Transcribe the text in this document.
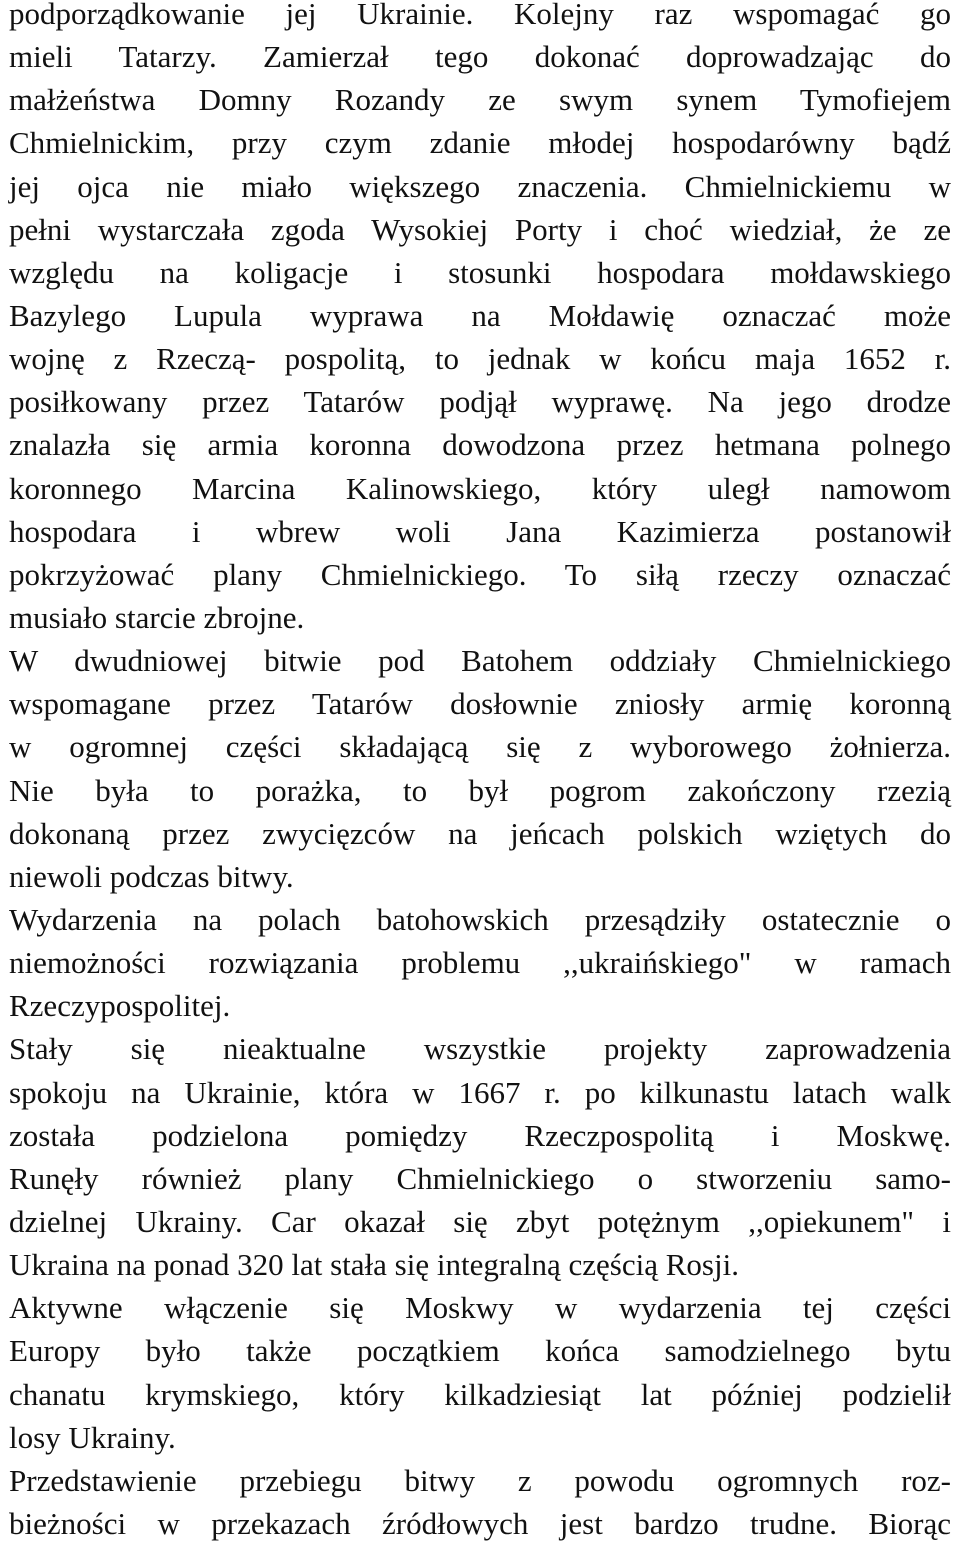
podporządkowanie jej Ukrainie. Kolejny raz wspomagać go
mieli Tatarzy. Zamierzał tego dokonać doprowadzając do
małżeństwa Domny Rozandy ze swym synem Tymofiejem
Chmielnickim, przy czym zdanie młodej hospodarówny bądź
jej ojca nie miało większego znaczenia. Chmielnickiemu w
pełni wystarczała zgoda Wysokiej Porty i choć wiedział, że ze
względu na koligacje i stosunki hospodara mołdawskiego
Bazylego Lupula wyprawa na Mołdawię oznaczać może
wojnę z Rzeczą- pospolitą, to jednak w końcu maja 1652 r.
posiłkowany przez Tatarów podjął wyprawę. Na jego drodze
znalazła się armia koronna dowodzona przez hetmana polnego
koronnego Marcina Kalinowskiego, który uległ namowom
hospodara i wbrew woli Jana Kazimierza postanowił
pokrzyżować plany Chmielnickiego. To siłą rzeczy oznaczać
musiało starcie zbrojne.
W dwudniowej bitwie pod Batohem oddziały Chmielnickiego
wspomagane przez Tatarów dosłownie zniosły armię koronną
w ogromnej części składającą się z wyborowego żołnierza.
Nie była to porażka, to był pogrom zakończony rzezią
dokonaną przez zwycięzców na jeńcach polskich wziętych do
niewoli podczas bitwy.
Wydarzenia na polach batohowskich przesądziły ostatecznie o
niemożności rozwiązania problemu ,,ukraińskiego" w ramach
Rzeczypospolitej.
Stały się nieaktualne wszystkie projekty zaprowadzenia
spokoju na Ukrainie, która w 1667 r. po kilkunastu latach walk
została podzielona pomiędzy Rzeczpospolitą i Moskwę.
Runęły również plany Chmielnickiego o stworzeniu samo-
dzielnej Ukrainy. Car okazał się zbyt potężnym ,,opiekunem" i
Ukraina na ponad 320 lat stała się integralną częścią Rosji.
Aktywne włączenie się Moskwy w wydarzenia tej części
Europy było także początkiem końca samodzielnego bytu
chanatu krymskiego, który kilkadziesiąt lat później podzielił
losy Ukrainy.
Przedstawienie przebiegu bitwy z powodu ogromnych roz-
bieżności w przekazach źródłowych jest bardzo trudne. Biorąc
